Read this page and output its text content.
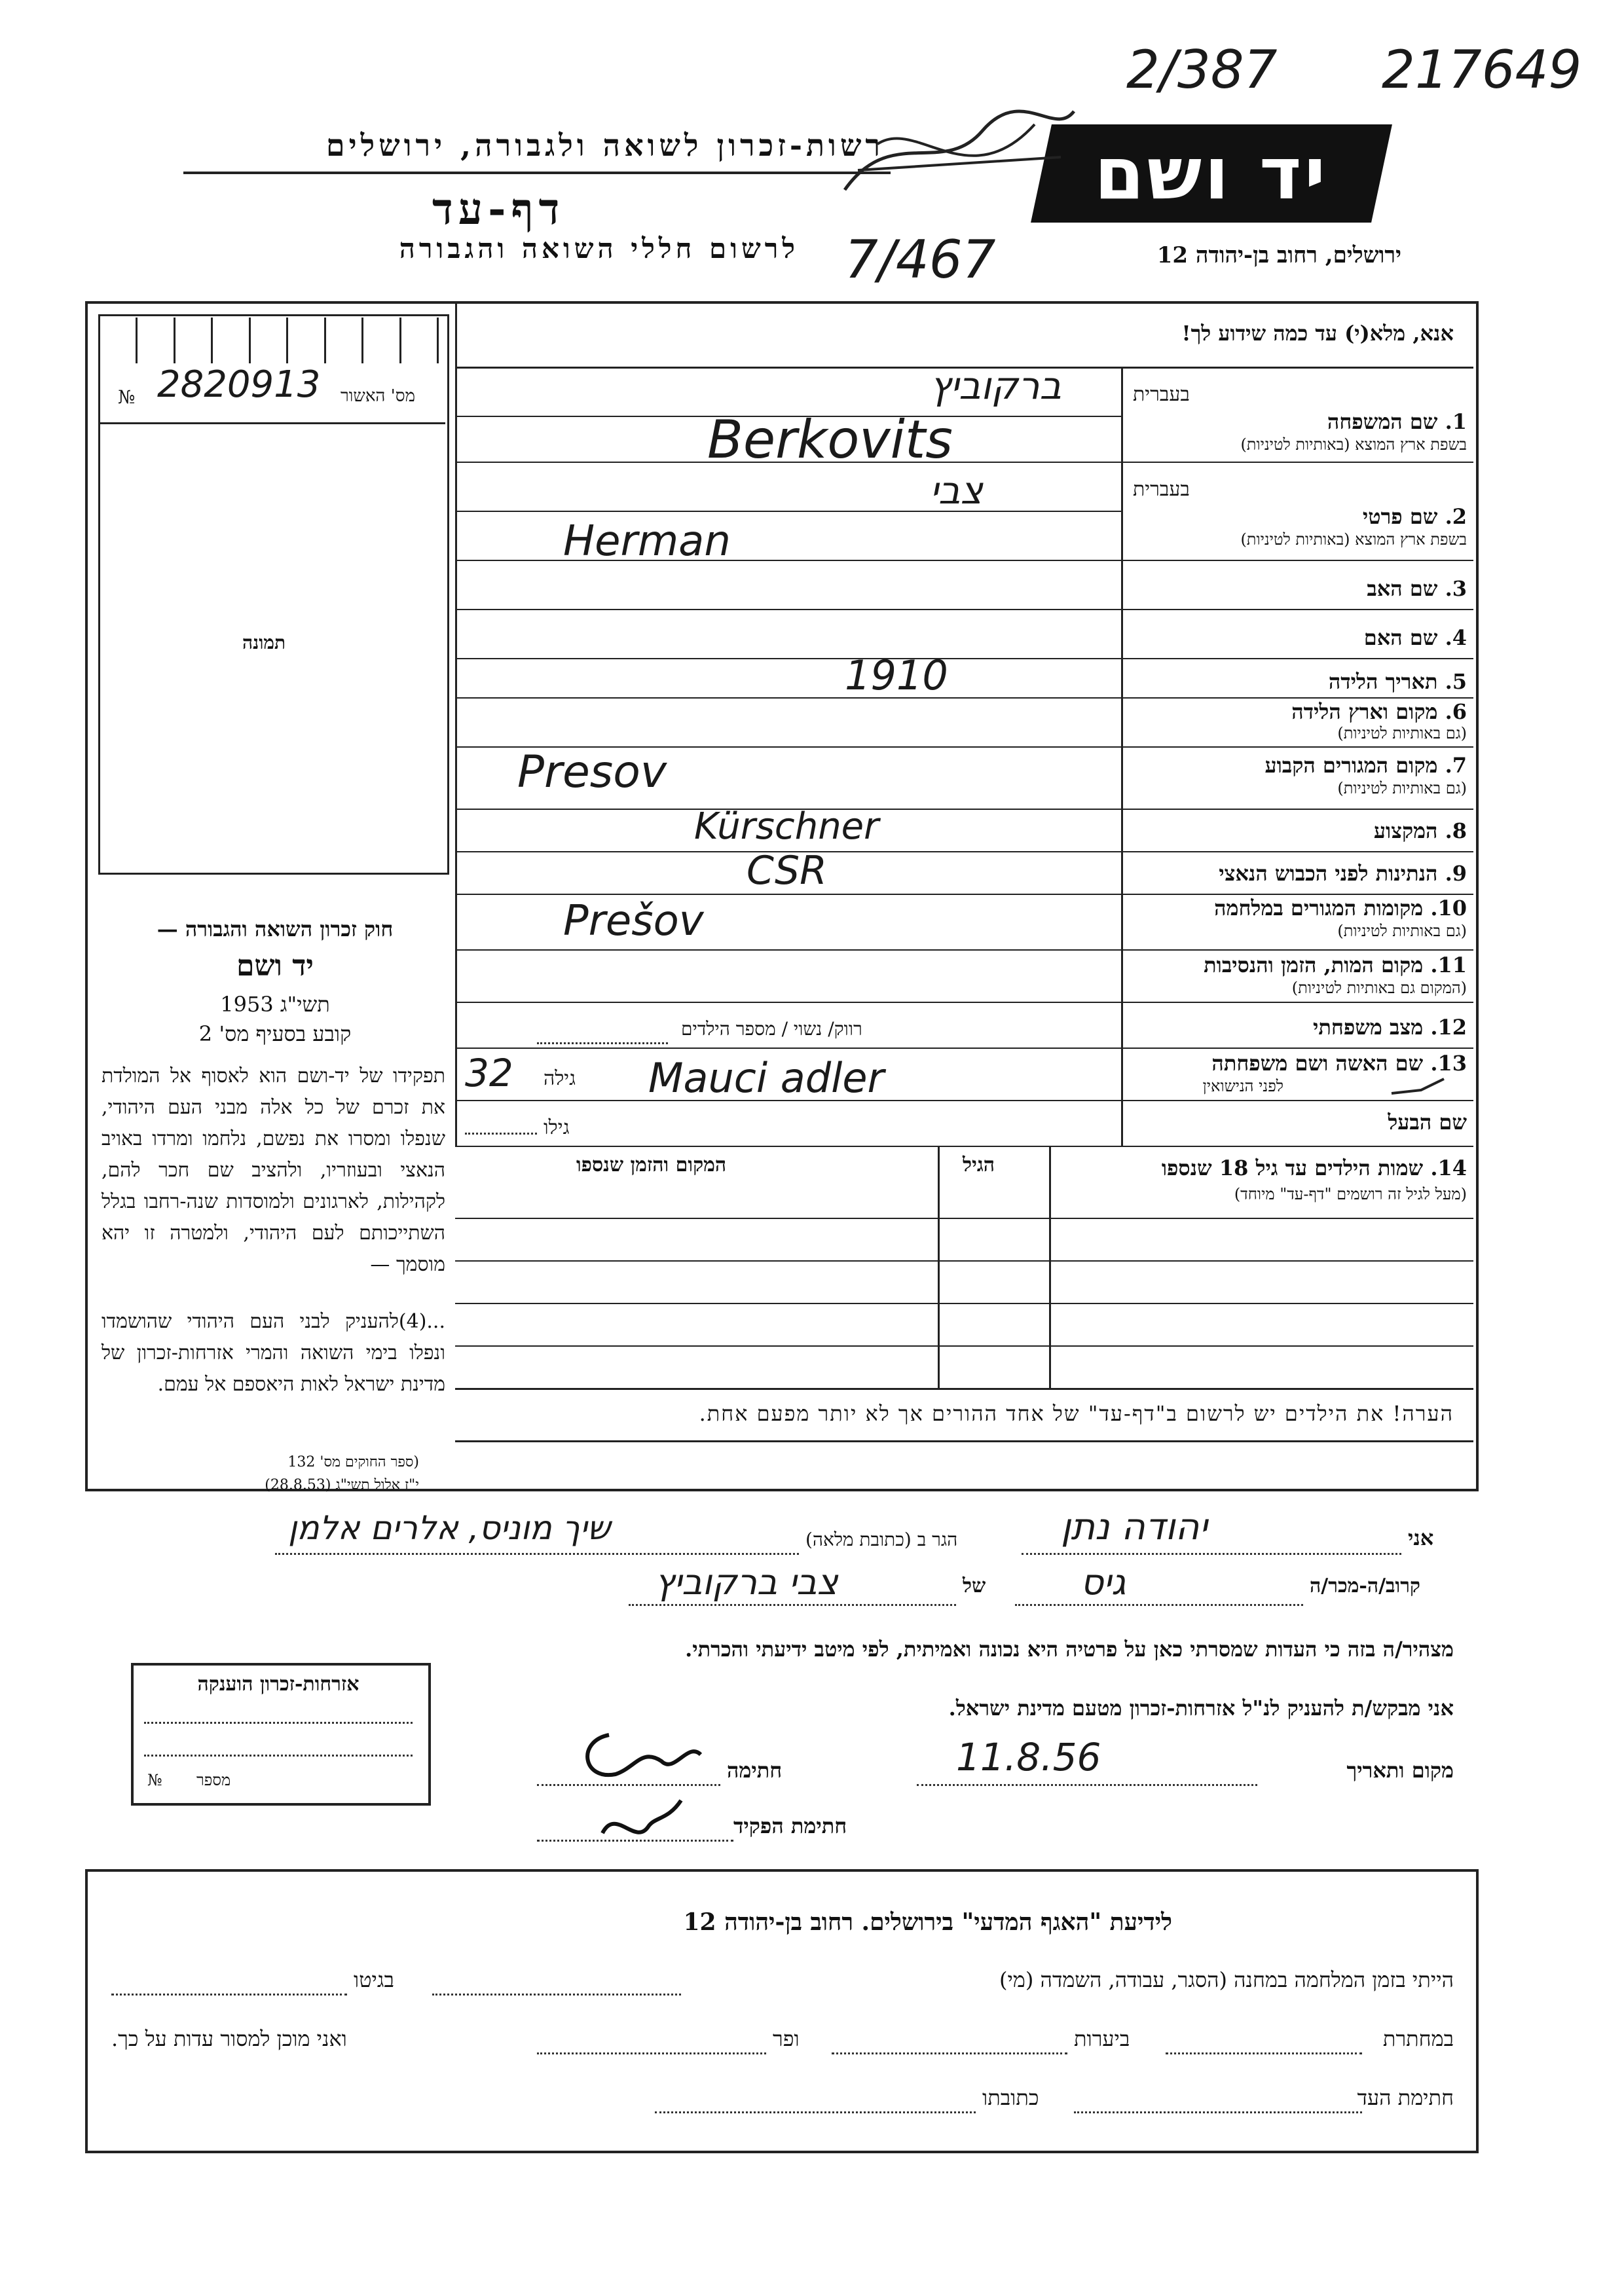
2/387 217649
רשות-זכרון לשואה ולגבורה, ירושלים
דף-עד
לרשום חללי השואה והגבורה
יד ושם
ירושלים, רחוב בן-יהודה 12
7/467
מס' האשור
№ 2820913
תמונה
אנא, מלא(י) עד כמה שידוע לך!
בעברית
1. שם המשפחה
בשפת ארץ המוצא (באותיות לטיניות)
בעברית
2. שם פרטי
בשפת ארץ המוצא (באותיות לטיניות)
3. שם האב
4. שם האם
5. תאריך הלידה
6. מקום וארץ הלידה
(גם באותיות לטיניות)
7. מקום המגורים הקבוע
(גם באותיות לטיניות)
8. המקצוע
9. הנתינות לפני הכבוש הנאצי
10. מקומות המגורים במלחמה
(גם באותיות לטיניות)
11. מקום המות, הזמן והנסיבות
(המקום גם באותיות לטיניות)
12. מצב משפחתי
13. שם האשה ושם משפחתה
לפני הנישואין
שם הבעל
ברקוביץ
Berkovits
צבי
Herman
1910
Presov
Kürschner
CSR
Prešov
רווק/ נשוי / מספר הילדים
Mauci adler
גילה
32
גילו
14. שמות הילדים עד גיל 18 שנספו
(מעל לגיל זה רושמים "דף-עד" מיוחד)
הגיל
המקום והזמן שנספו
הערה! את הילדים יש לרשום ב"דף-עד" של אחד ההורים אך לא יותר מפעם אחת.
חוק זכרון השואה והגבורה —
יד ושם
1953 תשי"ג
קובע בסעיף מס' 2
תפקידו של יד-ושם הוא לאסוף אל המולדת את זכרם של כל אלה מבני העם היהודי, שנפלו ומסרו את נפשם, נלחמו ומרדו באויב הנאצי ובעוזריו, ולהציב שם חכר להם, לקהילות, לארגונים ולמוסדות שנה-רחבו בגלל השתייכותם לעם היהודי, ולמטרה זו יהא מוסמך —
...(4)להעניק לבני העם היהודי שהושמדו ונפלו בימי השואה והמרי אזרחות-זכרון של מדינת ישראל לאות היאספם אל עמם.
(ספר החוקים מס' 132
י"ז אלול תשי"ג (28.8.53)
אני
יהודה נתן
הגר ב (כתובת מלאה)
שיך מוניס, אלרים אלמן
קרוב/ה-מכר/ה
גיס
של
צבי ברקוביץ
מצהיר/ה בזה כי העדות שמסרתי כאן על פרטיה היא נכונה ואמיתית, לפי מיטב ידיעתי והכרתי.
אני מבקש/ת להעניק לנ"ל אזרחות-זכרון מטעם מדינת ישראל.
מקום ותאריך
11.8.56
חתימה
חתימת הפקיד
אזרחות-זכרון הוענקה
№ מספר
לידיעת "האגף המדעי" בירושלים. רחוב בן-יהודה 12
הייתי בזמן המלחמה במחנה (הסגר, עבודה, השמדה (מי)
בגיטו
במחתרת
ביערות
ופר
ואני מוכן למסור עדות על כך.
חתימת העד
כתובתו
